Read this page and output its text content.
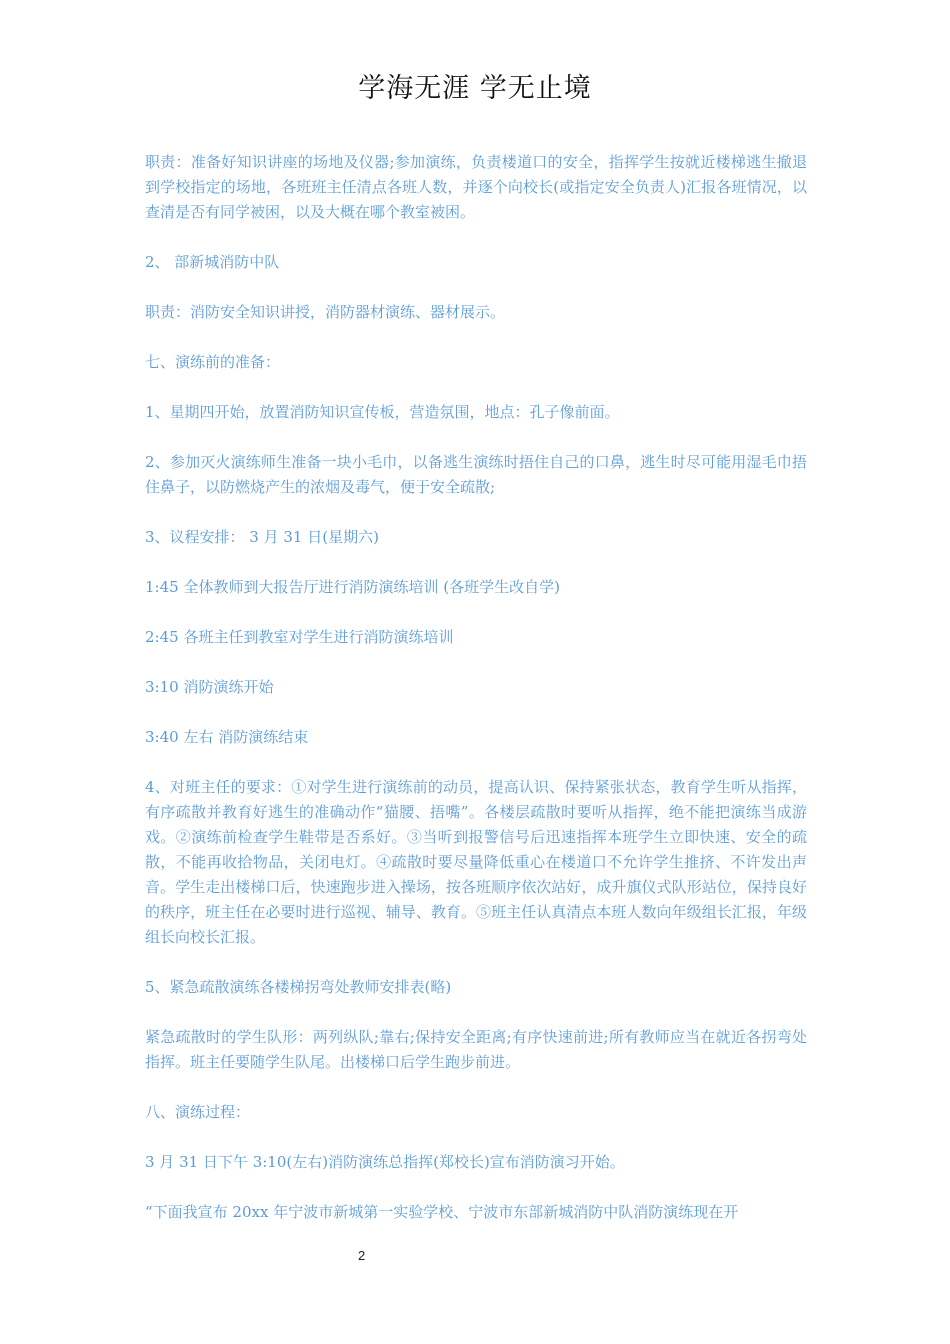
学海无涯 学无止境

职责：准备好知识讲座的场地及仪器;参加演练，负责楼道口的安全，指挥学生按就近楼梯逃生撤退到学校指定的场地，各班班主任清点各班人数，并逐个向校长(或指定安全负责人)汇报各班情况，以查清是否有同学被困，以及大概在哪个教室被困。

2、 部新城消防中队

职责：消防安全知识讲授，消防器材演练、器材展示。

七、演练前的准备：

1、星期四开始，放置消防知识宣传板，营造氛围，地点：孔子像前面。

2、参加灭火演练师生准备一块小毛巾，以备逃生演练时捂住自己的口鼻，逃生时尽可能用湿毛巾捂住鼻子，以防燃烧产生的浓烟及毒气，便于安全疏散;

3、议程安排： 3 月 31 日(星期六)

1:45 全体教师到大报告厅进行消防演练培训 (各班学生改自学)

2:45 各班主任到教室对学生进行消防演练培训

3:10 消防演练开始

3:40 左右 消防演练结束

4、对班主任的要求：①对学生进行演练前的动员，提高认识、保持紧张状态，教育学生听从指挥，有序疏散并教育好逃生的准确动作“猫腰、捂嘴”。各楼层疏散时要听从指挥，绝不能把演练当成游戏。②演练前检查学生鞋带是否系好。③当听到报警信号后迅速指挥本班学生立即快速、安全的疏散，不能再收拾物品，关闭电灯。④疏散时要尽量降低重心在楼道口不允许学生推挤、不许发出声音。学生走出楼梯口后，快速跑步进入操场，按各班顺序依次站好，成升旗仪式队形站位，保持良好的秩序，班主任在必要时进行巡视、辅导、教育。⑤班主任认真清点本班人数向年级组长汇报，年级组长向校长汇报。

5、紧急疏散演练各楼梯拐弯处教师安排表(略)

紧急疏散时的学生队形：两列纵队;靠右;保持安全距离;有序快速前进;所有教师应当在就近各拐弯处指挥。班主任要随学生队尾。出楼梯口后学生跑步前进。

八、演练过程：

3 月 31 日下午 3:10(左右)消防演练总指挥(郑校长)宣布消防演习开始。

“下面我宣布 20xx 年宁波市新城第一实验学校、宁波市东部新城消防中队消防演练现在开

2
